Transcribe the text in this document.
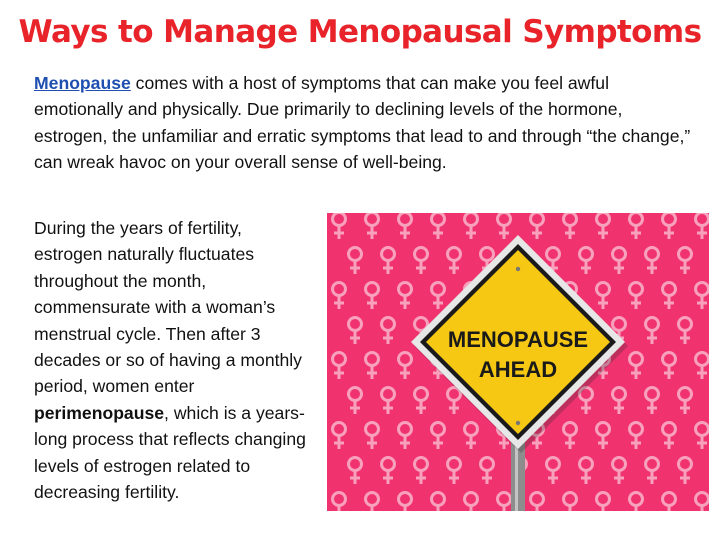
Ways to Manage Menopausal Symptoms
Menopause comes with a host of symptoms that can make you feel awful emotionally and physically. Due primarily to declining levels of the hormone, estrogen, the unfamiliar and erratic symptoms that lead to and through “the change,” can wreak havoc on your overall sense of well-being.
During the years of fertility, estrogen naturally fluctuates throughout the month, commensurate with a woman’s menstrual cycle. Then after 3 decades or so of having a monthly period, women enter perimenopause, which is a years-long process that reflects changing levels of estrogen related to decreasing fertility.
MENOPAUSE
AHEAD
